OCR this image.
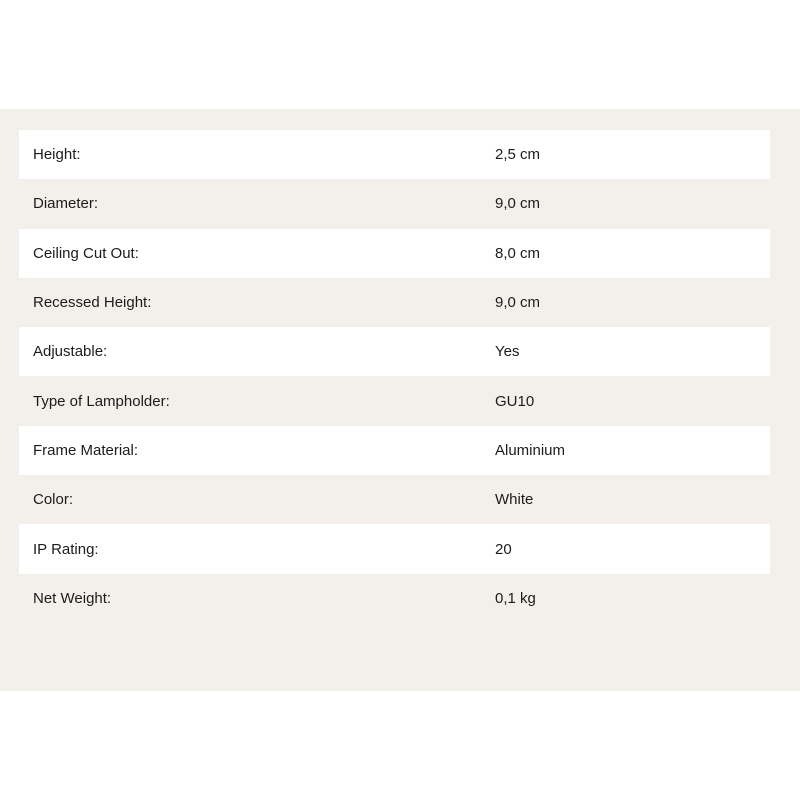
Height:	2,5 cm
Diameter:	9,0 cm
Ceiling Cut Out:	8,0 cm
Recessed Height:	9,0 cm
Adjustable:	Yes
Type of Lampholder:	GU10
Frame Material:	Aluminium
Color:	White
IP Rating:	20
Net Weight:	0,1 kg
